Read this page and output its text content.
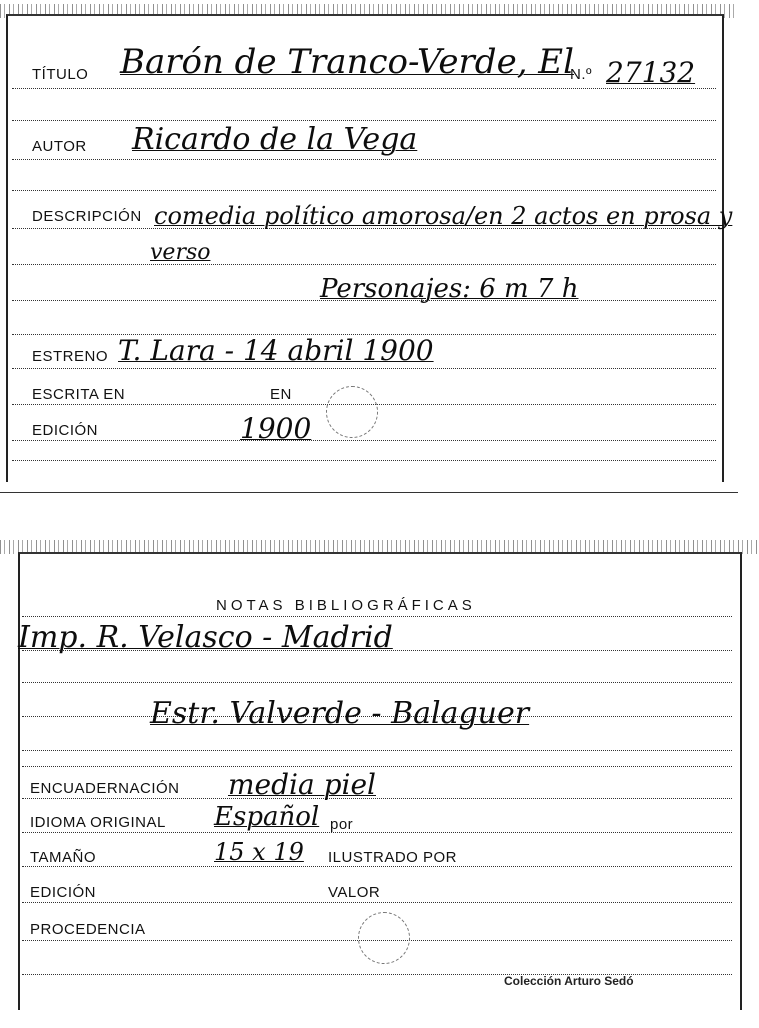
TÍTULO Barón de Tranco-Verde, El
N.º 27132
AUTOR Ricardo de la Vega
DESCRIPCIÓN comedia político amorosa/en 2 actos en prosa y
verso
Personajes: 6 m 7 h
ESTRENO T. Lara - 14 abril 1900
ESCRITA EN	EN
EDICIÓN	1900
NOTAS BIBLIOGRÁFICAS
Imp. R. Velasco - Madrid
Estr. Valverde - Balaguer
ENCUADERNACIÓN media piel
IDIOMA ORIGINAL Español por
TAMAÑO	15 x 19 ILUSTRADO POR
EDICIÓN	VALOR
PROCEDENCIA
Colección Arturo Sedó
